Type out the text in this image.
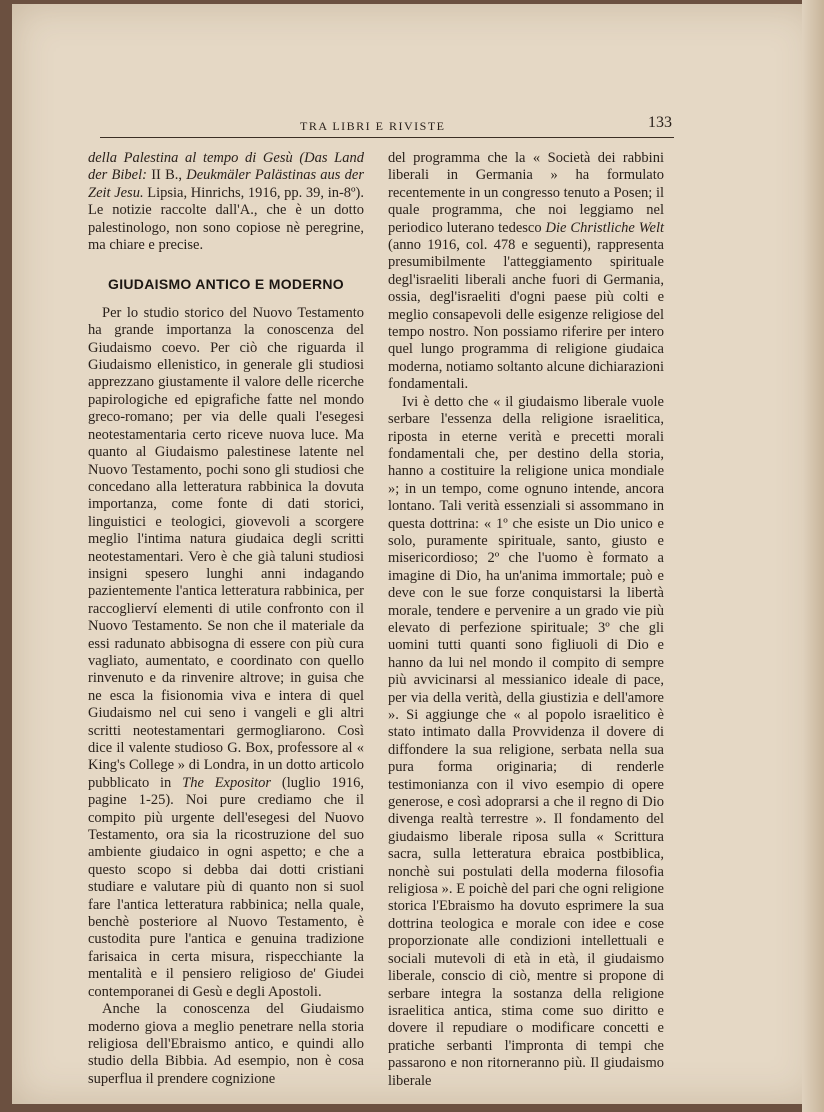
TRA LIBRI E RIVISTE	133

della Palestina al tempo di Gesù (Das Land der Bibel: II B., Deukmäler Palästinas aus der Zeit Jesu. Lipsia, Hinrichs, 1916, pp. 39, in-8º). Le notizie raccolte dall'A., che è un dotto palestinologo, non sono copiose nè peregrine, ma chiare e precise.

GIUDAISMO ANTICO E MODERNO

Per lo studio storico del Nuovo Testamento ha grande importanza la conoscenza del Giudaismo coevo. Per ciò che riguarda il Giudaismo ellenistico, in generale gli studiosi apprezzano giustamente il valore delle ricerche papirologiche ed epigrafiche fatte nel mondo greco-romano; per via delle quali l'esegesi neotestamentaria certo riceve nuova luce. Ma quanto al Giudaismo palestinese latente nel Nuovo Testamento, pochi sono gli studiosi che concedano alla letteratura rabbinica la dovuta importanza, come fonte di dati storici, linguistici e teologici, giovevoli a scorgere meglio l'intima natura giudaica degli scritti neotestamentari. Vero è che già taluni studiosi insigni spesero lunghi anni indagando pazientemente l'antica letteratura rabbinica, per raccoglierví elementi di utile confronto con il Nuovo Testamento. Se non che il materiale da essi radunato abbisogna di essere con più cura vagliato, aumentato, e coordinato con quello rinvenuto e da rinvenire altrove; in guisa che ne esca la fisionomia viva e intera di quel Giudaismo nel cui seno i vangeli e gli altri scritti neotestamentari germogliarono. Così dice il valente studioso G. Box, professore al « King's College » di Londra, in un dotto articolo pubblicato in The Expositor (luglio 1916, pagine 1-25). Noi pure crediamo che il compito più urgente dell'esegesi del Nuovo Testamento, ora sia la ricostruzione del suo ambiente giudaico in ogni aspetto; e che a questo scopo si debba dai dotti cristiani studiare e valutare più di quanto non si suol fare l'antica letteratura rabbinica; nella quale, benchè posteriore al Nuovo Testamento, è custodita pure l'antica e genuina tradizione farisaica in certa misura, rispecchiante la mentalità e il pensiero religioso de' Giudei contemporanei di Gesù e degli Apostoli.

Anche la conoscenza del Giudaismo moderno giova a meglio penetrare nella storia religiosa dell'Ebraismo antico, e quindi allo studio della Bibbia. Ad esempio, non è cosa superflua il prendere cognizione

del programma che la « Società dei rabbini liberali in Germania » ha formulato recentemente in un congresso tenuto a Posen; il quale programma, che noi leggiamo nel periodico luterano tedesco Die Christliche Welt (anno 1916, col. 478 e seguenti), rappresenta presumibilmente l'atteggiamento spirituale degl'israeliti liberali anche fuori di Germania, ossia, degl'israeliti d'ogni paese più colti e meglio consapevoli delle esigenze religiose del tempo nostro. Non possiamo riferire per intero quel lungo programma di religione giudaica moderna, notiamo soltanto alcune dichiarazioni fondamentali.

Ivi è detto che « il giudaismo liberale vuole serbare l'essenza della religione israelitica, riposta in eterne verità e precetti morali fondamentali che, per destino della storia, hanno a costituire la religione unica mondiale »; in un tempo, come ognuno intende, ancora lontano. Tali verità essenziali si assommano in questa dottrina: « 1º che esiste un Dio unico e solo, puramente spirituale, santo, giusto e misericordioso; 2º che l'uomo è formato a imagine di Dio, ha un'anima immortale; può e deve con le sue forze conquistarsi la libertà morale, tendere e pervenire a un grado vie più elevato di perfezione spirituale; 3º che gli uomini tutti quanti sono figliuoli di Dio e hanno da lui nel mondo il compito di sempre più avvicinarsi al messianico ideale di pace, per via della verità, della giustizia e dell'amore ». Si aggiunge che « al popolo israelitico è stato intimato dalla Provvidenza il dovere di diffondere la sua religione, serbata nella sua pura forma originaria; di renderle testimonianza con il vivo esempio di opere generose, e così adoprarsi a che il regno di Dio divenga realtà terrestre ». Il fondamento del giudaismo liberale riposa sulla « Scrittura sacra, sulla letteratura ebraica postbiblica, nonchè sui postulati della moderna filosofia religiosa ». E poichè del pari che ogni religione storica l'Ebraismo ha dovuto esprimere la sua dottrina teologica e morale con idee e cose proporzionate alle condizioni intellettuali e sociali mutevoli di età in età, il giudaismo liberale, conscio di ciò, mentre si propone di serbare integra la sostanza della religione israelitica antica, stima come suo diritto e dovere il repudiare o modificare concetti e pratiche serbanti l'impronta di tempi che passarono e non ritorneranno più. Il giudaismo liberale
